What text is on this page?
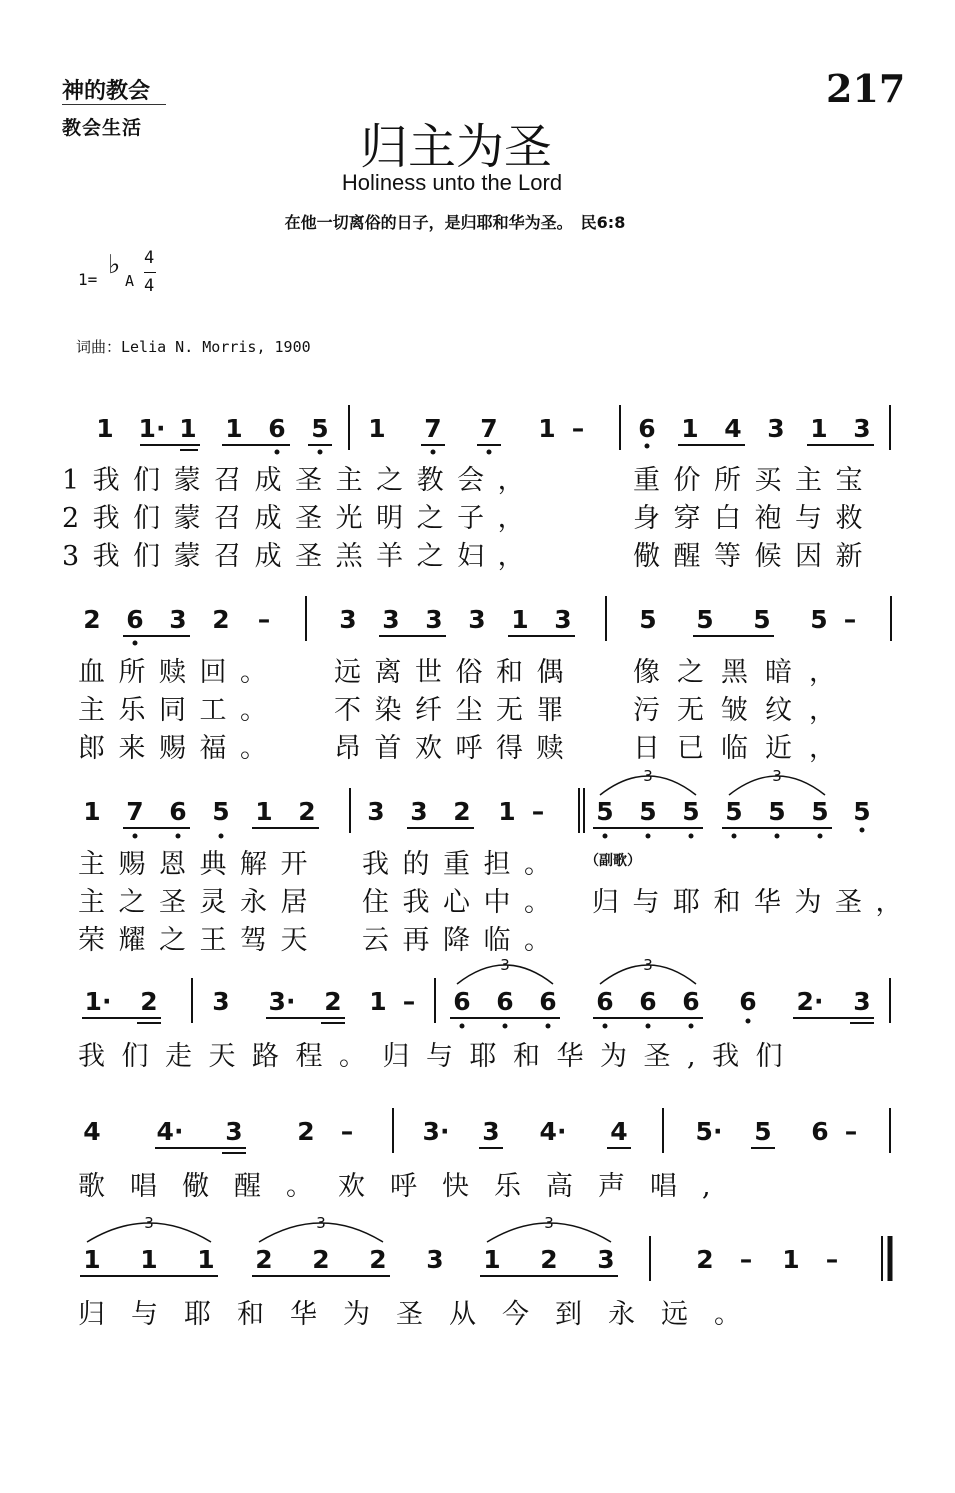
神的教会
教会生活
217
归主为圣
Holiness unto the Lord
在他一切离俗的日子，是归耶和华为圣。　民6:8
1= ♭
A
4
4
词曲：Lelia N. Morris, 1900
1 1· 1 1 6 5 1 7 7 1 – 6 1 4 3 1 3
2 6 3 2 –	3 3 3 3 1 3	5 5 5 5 –
1 7 6 5 1 2 3 3 2 1 – 5 5 5 5 5 5 5
3	3
1· 2 3 3· 2 1 – 6 6 6 6 6 6 6 2· 3
3	3
4 4· 3 2 –	3· 3 4· 4	5· 5 6 –
1 1 1 2 2 2 3 1 2 3	2 – 1 –
3	3	3
1我们蒙召成圣主之教会，
2我们蒙召成圣光明之子，
3我们蒙召成圣羔羊之妇，
重价所买主宝
身穿白袍与救
儆醒等候因新
血所赎回。
主乐同工。
郎来赐福。
远离世俗和偶
不染纤尘无罪
昂首欢呼得赎
像之黑暗，
污无皱纹，
日已临近，
主赐恩典解开
主之圣灵永居
荣耀之王驾天
我的重担。
住我心中。
云再降临。
（副歌）
归与耶和华为圣，
我们走天路程。归与耶和华为圣,我们
歌唱儆醒。欢呼快乐高声唱,
归与耶和华为圣从今到永远。
